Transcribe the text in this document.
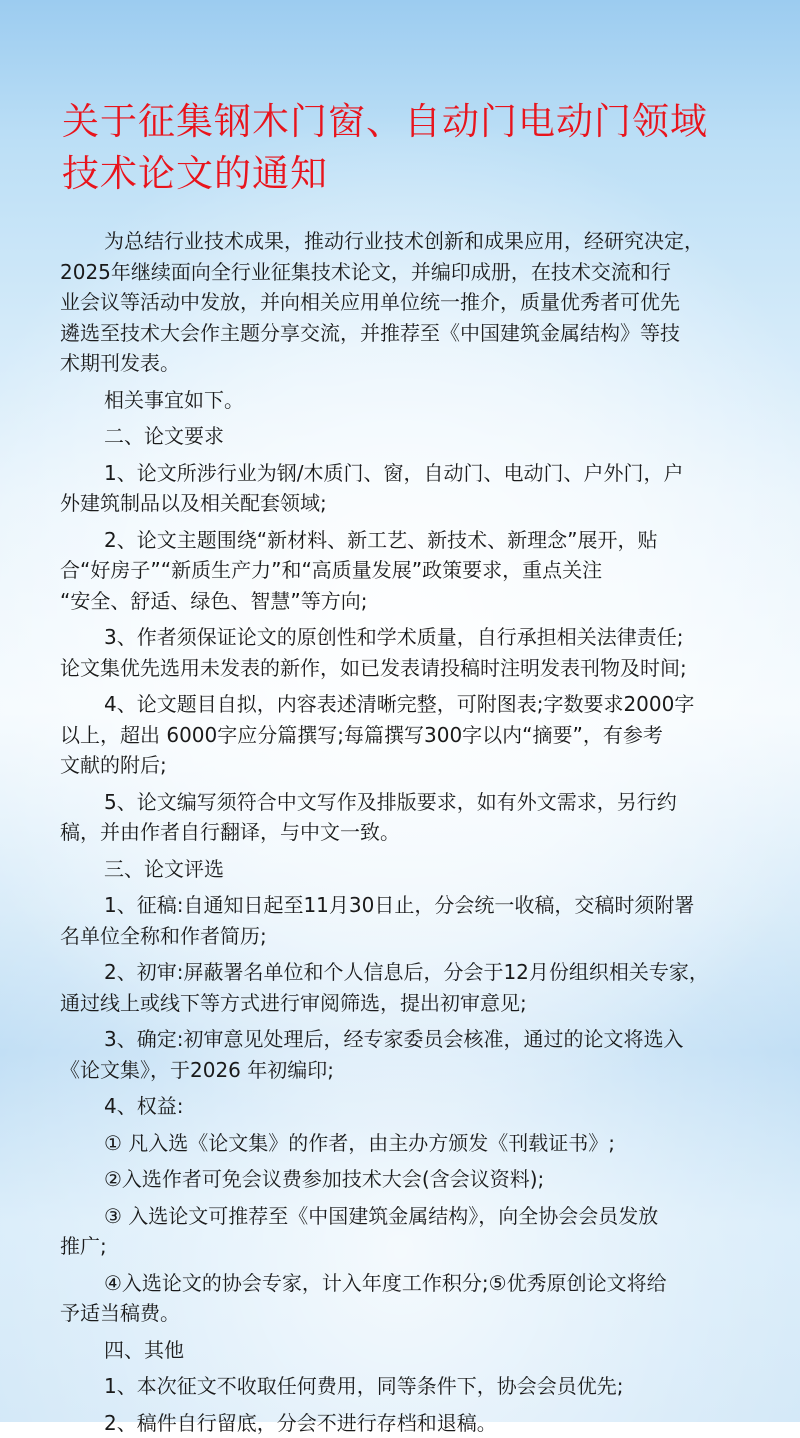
关于征集钢木门窗、自动门电动门领域
技术论文的通知
为总结行业技术成果，推动行业技术创新和成果应用，经研究决定，
2025年继续面向全行业征集技术论文，并编印成册，在技术交流和行
业会议等活动中发放，并向相关应用单位统一推介，质量优秀者可优先
遴选至技术大会作主题分享交流，并推荐至《中国建筑金属结构》等技
术期刊发表。
相关事宜如下。
二、论文要求
1、论文所涉行业为钢/木质门、窗，自动门、电动门、户外门，户
外建筑制品以及相关配套领域;
2、论文主题围绕“新材料、新工艺、新技术、新理念”展开，贴
合“好房子”“新质生产力”和“高质量发展”政策要求，重点关注
“安全、舒适、绿色、智慧”等方向;
3、作者须保证论文的原创性和学术质量，自行承担相关法律责任;
论文集优先选用未发表的新作，如已发表请投稿时注明发表刊物及时间;
4、论文题目自拟，内容表述清晰完整，可附图表;字数要求2000字
以上，超出 6000字应分篇撰写;每篇撰写300字以内“摘要”，有参考
文献的附后;
5、论文编写须符合中文写作及排版要求，如有外文需求，另行约
稿，并由作者自行翻译，与中文一致。
三、论文评选
1、征稿:自通知日起至11月30日止，分会统一收稿，交稿时须附署
名单位全称和作者简历;
2、初审:屏蔽署名单位和个人信息后，分会于12月份组织相关专家，
通过线上或线下等方式进行审阅筛选，提出初审意见;
3、确定:初审意见处理后，经专家委员会核准，通过的论文将选入
《论文集》，于2026 年初编印;
4、权益:
① 凡入选《论文集》的作者，由主办方颁发《刊载证书》;
②入选作者可免会议费参加技术大会(含会议资料);
③ 入选论文可推荐至《中国建筑金属结构》，向全协会会员发放
推广;
④入选论文的协会专家，计入年度工作积分;⑤优秀原创论文将给
予适当稿费。
四、其他
1、本次征文不收取任何费用，同等条件下，协会会员优先;
2、稿件自行留底，分会不进行存档和退稿。
